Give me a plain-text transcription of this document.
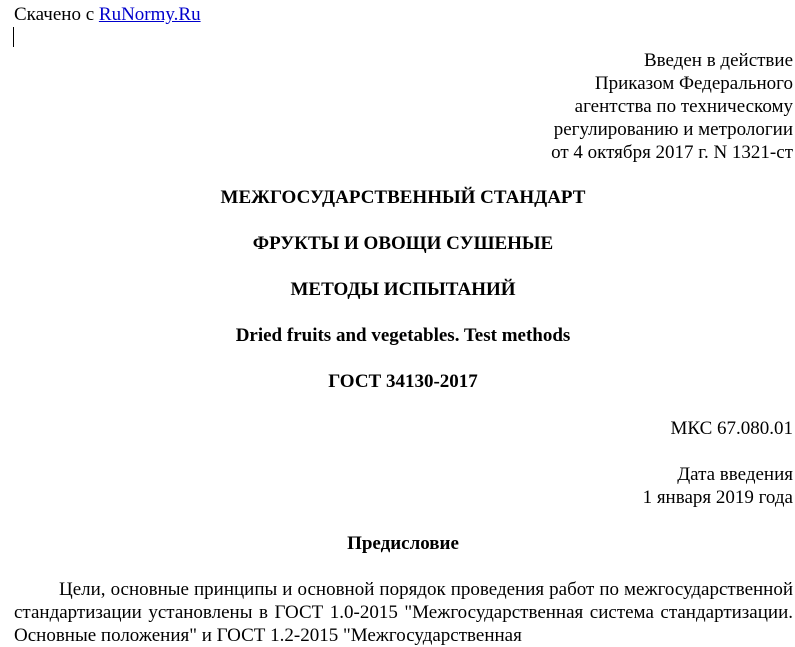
Скачено с RuNormy.Ru
Введен в действие
Приказом Федерального
агентства по техническому
регулированию и метрологии
от 4 октября 2017 г. N 1321-ст
МЕЖГОСУДАРСТВЕННЫЙ СТАНДАРТ
ФРУКТЫ И ОВОЩИ СУШЕНЫЕ
МЕТОДЫ ИСПЫТАНИЙ
Dried fruits and vegetables. Test methods
ГОСТ 34130-2017
МКС 67.080.01
Дата введения
1 января 2019 года
Предисловие

Цели, основные принципы и основной порядок проведения работ по межгосударственной стандартизации установлены в ГОСТ 1.0-2015 "Межгосударственная система стандартизации. Основные положения" и ГОСТ 1.2-2015 "Межгосударственная
